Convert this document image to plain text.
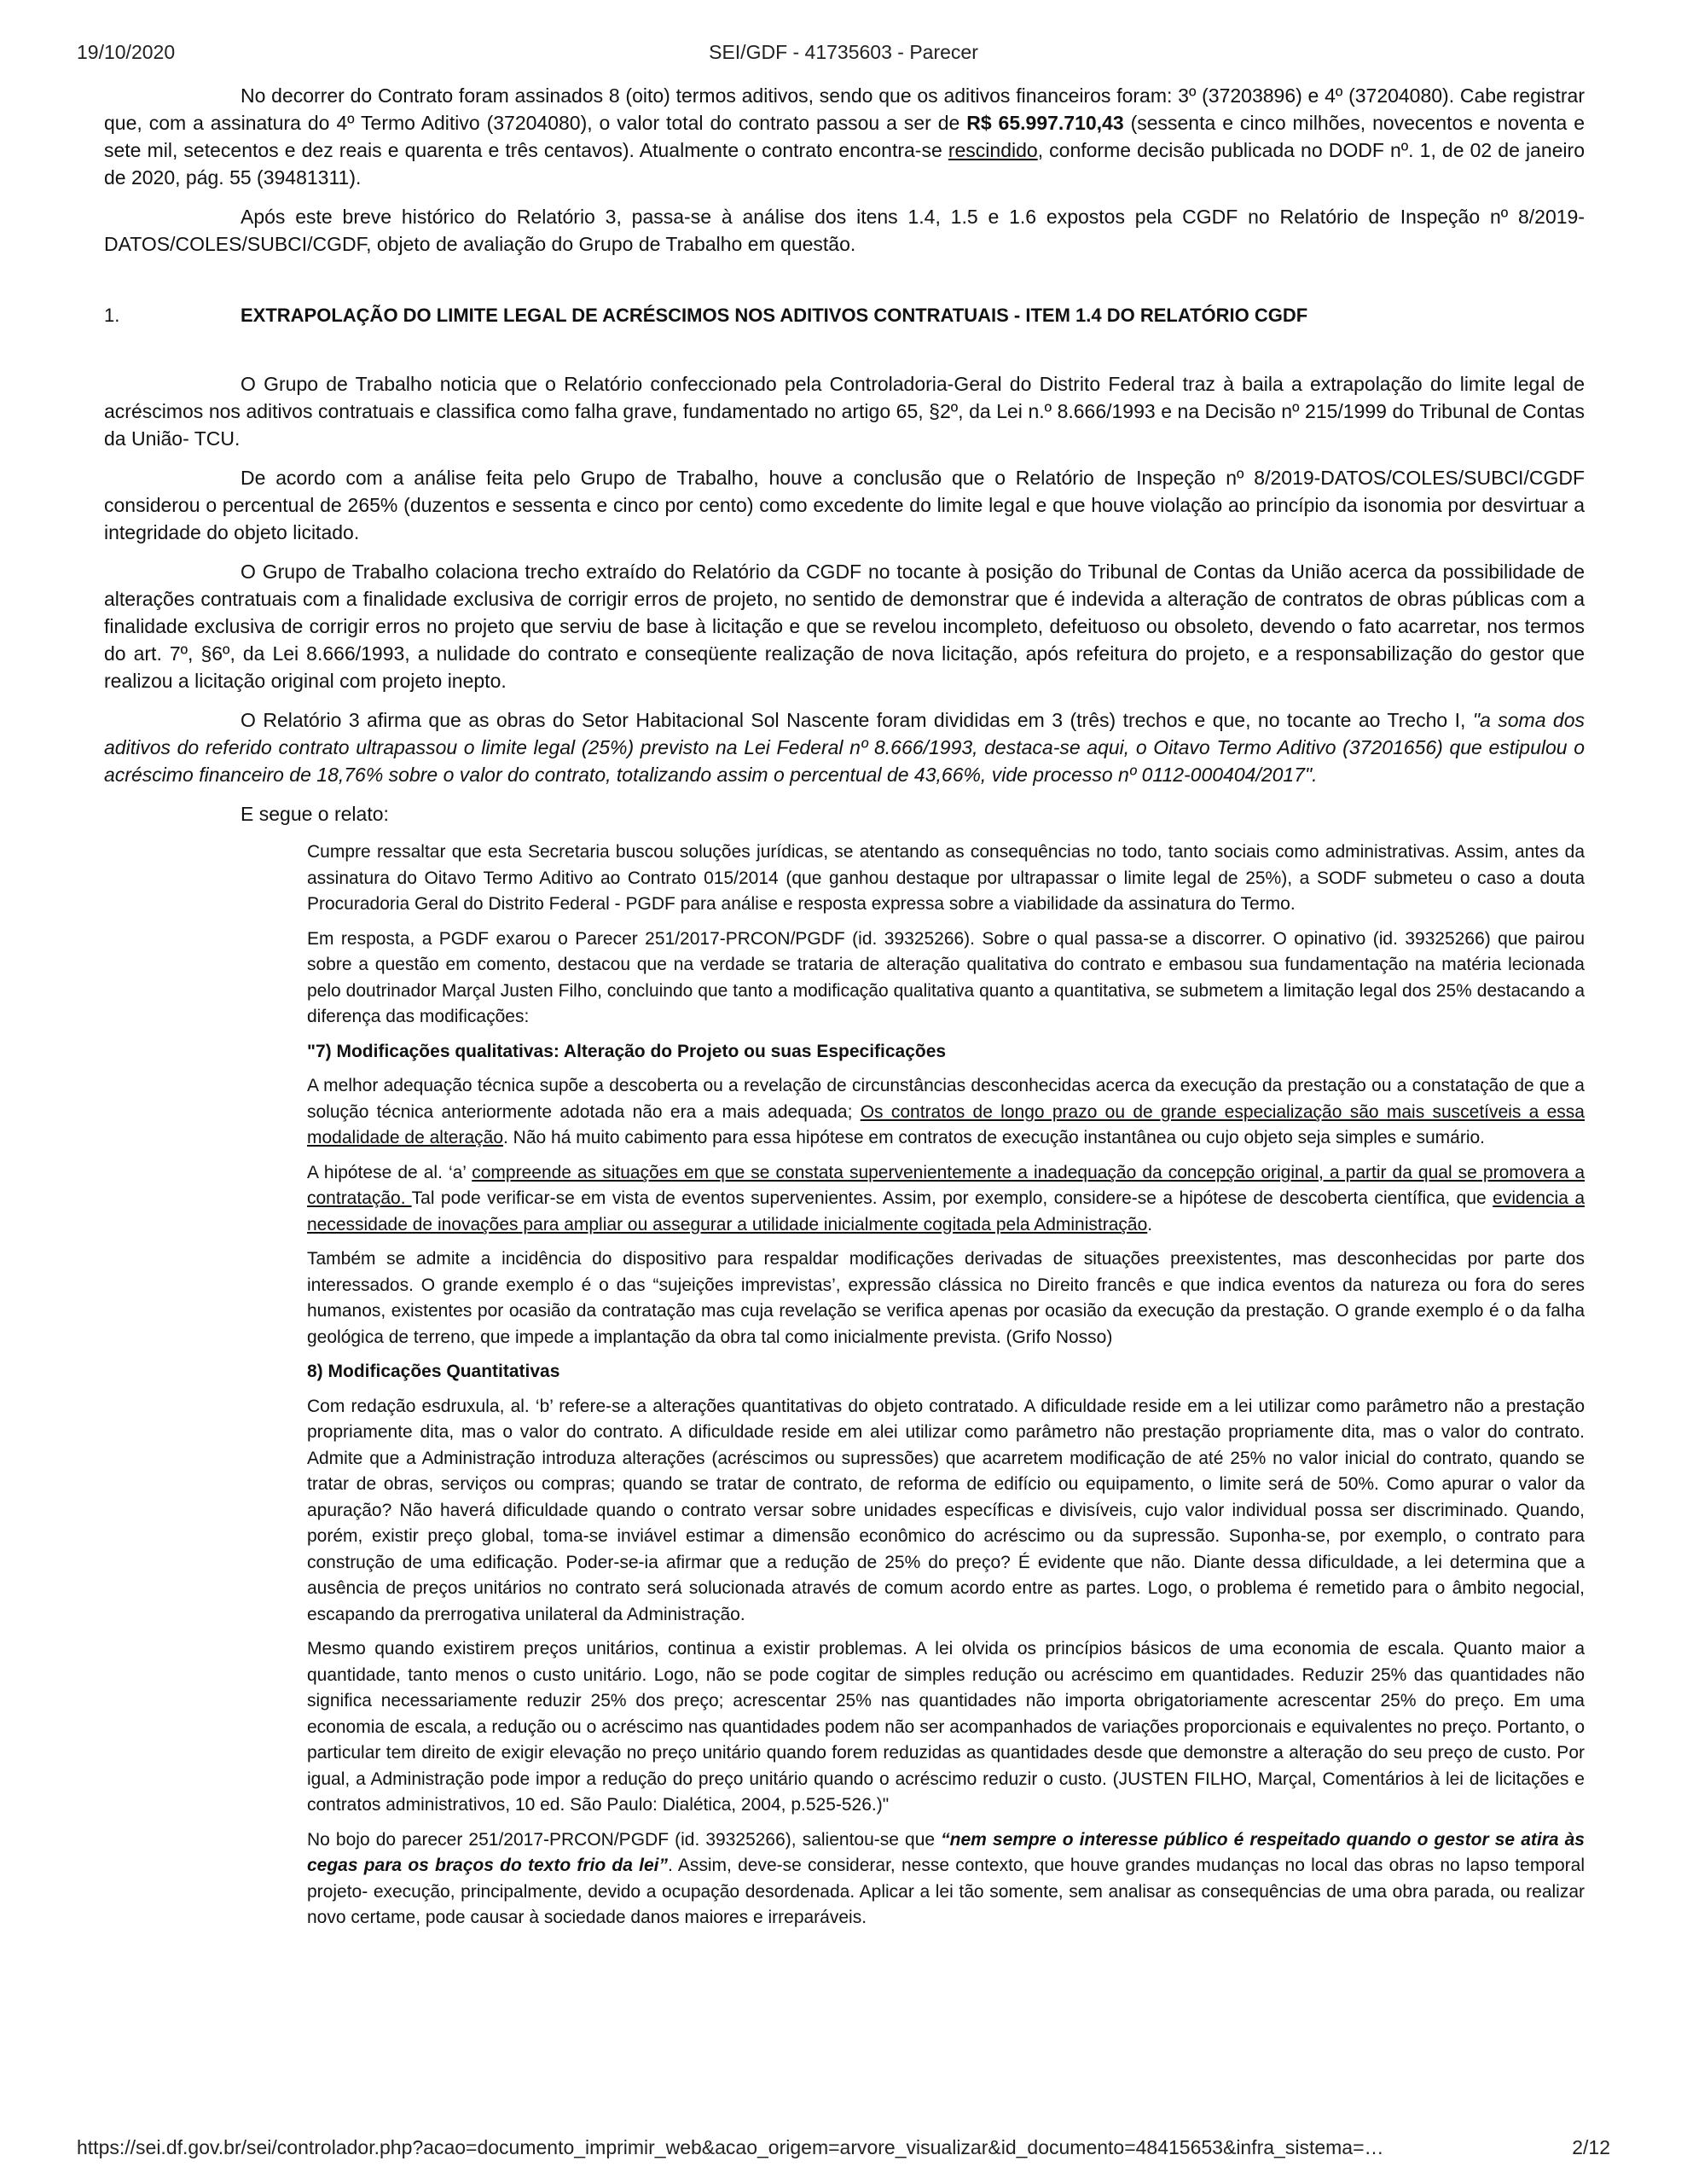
19/10/2020	SEI/GDF - 41735603 - Parecer

No decorrer do Contrato foram assinados 8 (oito) termos aditivos, sendo que os aditivos financeiros foram: 3º (37203896) e 4º (37204080). Cabe registrar que, com a assinatura do 4º Termo Aditivo (37204080), o valor total do contrato passou a ser de R$ 65.997.710,43 (sessenta e cinco milhões, novecentos e noventa e sete mil, setecentos e dez reais e quarenta e três centavos). Atualmente o contrato encontra-se rescindido, conforme decisão publicada no DODF nº. 1, de 02 de janeiro de 2020, pág. 55 (39481311).

Após este breve histórico do Relatório 3, passa-se à análise dos itens 1.4, 1.5 e 1.6 expostos pela CGDF no Relatório de Inspeção nº 8/2019-DATOS/COLES/SUBCI/CGDF, objeto de avaliação do Grupo de Trabalho em questão.

1.	EXTRAPOLAÇÃO DO LIMITE LEGAL DE ACRÉSCIMOS NOS ADITIVOS CONTRATUAIS - ITEM 1.4 DO RELATÓRIO CGDF

O Grupo de Trabalho noticia que o Relatório confeccionado pela Controladoria-Geral do Distrito Federal traz à baila a extrapolação do limite legal de acréscimos nos aditivos contratuais e classifica como falha grave, fundamentado no artigo 65, §2º, da Lei n.º 8.666/1993 e na Decisão nº 215/1999 do Tribunal de Contas da União- TCU.

De acordo com a análise feita pelo Grupo de Trabalho, houve a conclusão que o Relatório de Inspeção nº 8/2019-DATOS/COLES/SUBCI/CGDF considerou o percentual de 265% (duzentos e sessenta e cinco por cento) como excedente do limite legal e que houve violação ao princípio da isonomia por desvirtuar a integridade do objeto licitado.

O Grupo de Trabalho colaciona trecho extraído do Relatório da CGDF no tocante à posição do Tribunal de Contas da União acerca da possibilidade de alterações contratuais com a finalidade exclusiva de corrigir erros de projeto, no sentido de demonstrar que é indevida a alteração de contratos de obras públicas com a finalidade exclusiva de corrigir erros no projeto que serviu de base à licitação e que se revelou incompleto, defeituoso ou obsoleto, devendo o fato acarretar, nos termos do art. 7º, §6º, da Lei 8.666/1993, a nulidade do contrato e conseqüente realização de nova licitação, após refeitura do projeto, e a responsabilização do gestor que realizou a licitação original com projeto inepto.

O Relatório 3 afirma que as obras do Setor Habitacional Sol Nascente foram divididas em 3 (três) trechos e que, no tocante ao Trecho I, "a soma dos aditivos do referido contrato ultrapassou o limite legal (25%) previsto na Lei Federal nº 8.666/1993, destaca-se aqui, o Oitavo Termo Aditivo (37201656) que estipulou o acréscimo financeiro de 18,76% sobre o valor do contrato, totalizando assim o percentual de 43,66%, vide processo nº 0112-000404/2017".

E segue o relato:

Cumpre ressaltar que esta Secretaria buscou soluções jurídicas, se atentando as consequências no todo, tanto sociais como administrativas. Assim, antes da assinatura do Oitavo Termo Aditivo ao Contrato 015/2014 (que ganhou destaque por ultrapassar o limite legal de 25%), a SODF submeteu o caso a douta Procuradoria Geral do Distrito Federal - PGDF para análise e resposta expressa sobre a viabilidade da assinatura do Termo.

Em resposta, a PGDF exarou o Parecer 251/2017-PRCON/PGDF (id. 39325266). Sobre o qual passa-se a discorrer. O opinativo (id. 39325266) que pairou sobre a questão em comento, destacou que na verdade se trataria de alteração qualitativa do contrato e embasou sua fundamentação na matéria lecionada pelo doutrinador Marçal Justen Filho, concluindo que tanto a modificação qualitativa quanto a quantitativa, se submetem a limitação legal dos 25% destacando a diferença das modificações:

"7) Modificações qualitativas: Alteração do Projeto ou suas Especificações

A melhor adequação técnica supõe a descoberta ou a revelação de circunstâncias desconhecidas acerca da execução da prestação ou a constatação de que a solução técnica anteriormente adotada não era a mais adequada; Os contratos de longo prazo ou de grande especialização são mais suscetíveis a essa modalidade de alteração. Não há muito cabimento para essa hipótese em contratos de execução instantânea ou cujo objeto seja simples e sumário.

A hipótese de al. ‘a’ compreende as situações em que se constata supervenientemente a inadequação da concepção original, a partir da qual se promovera a contratação. Tal pode verificar-se em vista de eventos supervenientes. Assim, por exemplo, considere-se a hipótese de descoberta científica, que evidencia a necessidade de inovações para ampliar ou assegurar a utilidade inicialmente cogitada pela Administração.

Também se admite a incidência do dispositivo para respaldar modificações derivadas de situações preexistentes, mas desconhecidas por parte dos interessados. O grande exemplo é o das “sujeições imprevistas’, expressão clássica no Direito francês e que indica eventos da natureza ou fora do seres humanos, existentes por ocasião da contratação mas cuja revelação se verifica apenas por ocasião da execução da prestação. O grande exemplo é o da falha geológica de terreno, que impede a implantação da obra tal como inicialmente prevista. (Grifo Nosso)

8) Modificações Quantitativas

Com redação esdruxula, al. ‘b’ refere-se a alterações quantitativas do objeto contratado. A dificuldade reside em a lei utilizar como parâmetro não a prestação propriamente dita, mas o valor do contrato. A dificuldade reside em alei utilizar como parâmetro não prestação propriamente dita, mas o valor do contrato. Admite que a Administração introduza alterações (acréscimos ou supressões) que acarretem modificação de até 25% no valor inicial do contrato, quando se tratar de obras, serviços ou compras; quando se tratar de contrato, de reforma de edifício ou equipamento, o limite será de 50%. Como apurar o valor da apuração? Não haverá dificuldade quando o contrato versar sobre unidades específicas e divisíveis, cujo valor individual possa ser discriminado. Quando, porém, existir preço global, toma-se inviável estimar a dimensão econômico do acréscimo ou da supressão. Suponha-se, por exemplo, o contrato para construção de uma edificação. Poder-se-ia afirmar que a redução de 25% do preço? É evidente que não. Diante dessa dificuldade, a lei determina que a ausência de preços unitários no contrato será solucionada através de comum acordo entre as partes. Logo, o problema é remetido para o âmbito negocial, escapando da prerrogativa unilateral da Administração.

Mesmo quando existirem preços unitários, continua a existir problemas. A lei olvida os princípios básicos de uma economia de escala. Quanto maior a quantidade, tanto menos o custo unitário. Logo, não se pode cogitar de simples redução ou acréscimo em quantidades. Reduzir 25% das quantidades não significa necessariamente reduzir 25% dos preço; acrescentar 25% nas quantidades não importa obrigatoriamente acrescentar 25% do preço. Em uma economia de escala, a redução ou o acréscimo nas quantidades podem não ser acompanhados de variações proporcionais e equivalentes no preço. Portanto, o particular tem direito de exigir elevação no preço unitário quando forem reduzidas as quantidades desde que demonstre a alteração do seu preço de custo. Por igual, a Administração pode impor a redução do preço unitário quando o acréscimo reduzir o custo. (JUSTEN FILHO, Marçal, Comentários à lei de licitações e contratos administrativos, 10 ed. São Paulo: Dialética, 2004, p.525-526.)"

No bojo do parecer 251/2017-PRCON/PGDF (id. 39325266), salientou-se que “nem sempre o interesse público é respeitado quando o gestor se atira às cegas para os braços do texto frio da lei”. Assim, deve-se considerar, nesse contexto, que houve grandes mudanças no local das obras no lapso temporal projeto- execução, principalmente, devido a ocupação desordenada. Aplicar a lei tão somente, sem analisar as consequências de uma obra parada, ou realizar novo certame, pode causar à sociedade danos maiores e irreparáveis.

https://sei.df.gov.br/sei/controlador.php?acao=documento_imprimir_web&acao_origem=arvore_visualizar&id_documento=48415653&infra_sistema=…	2/12
